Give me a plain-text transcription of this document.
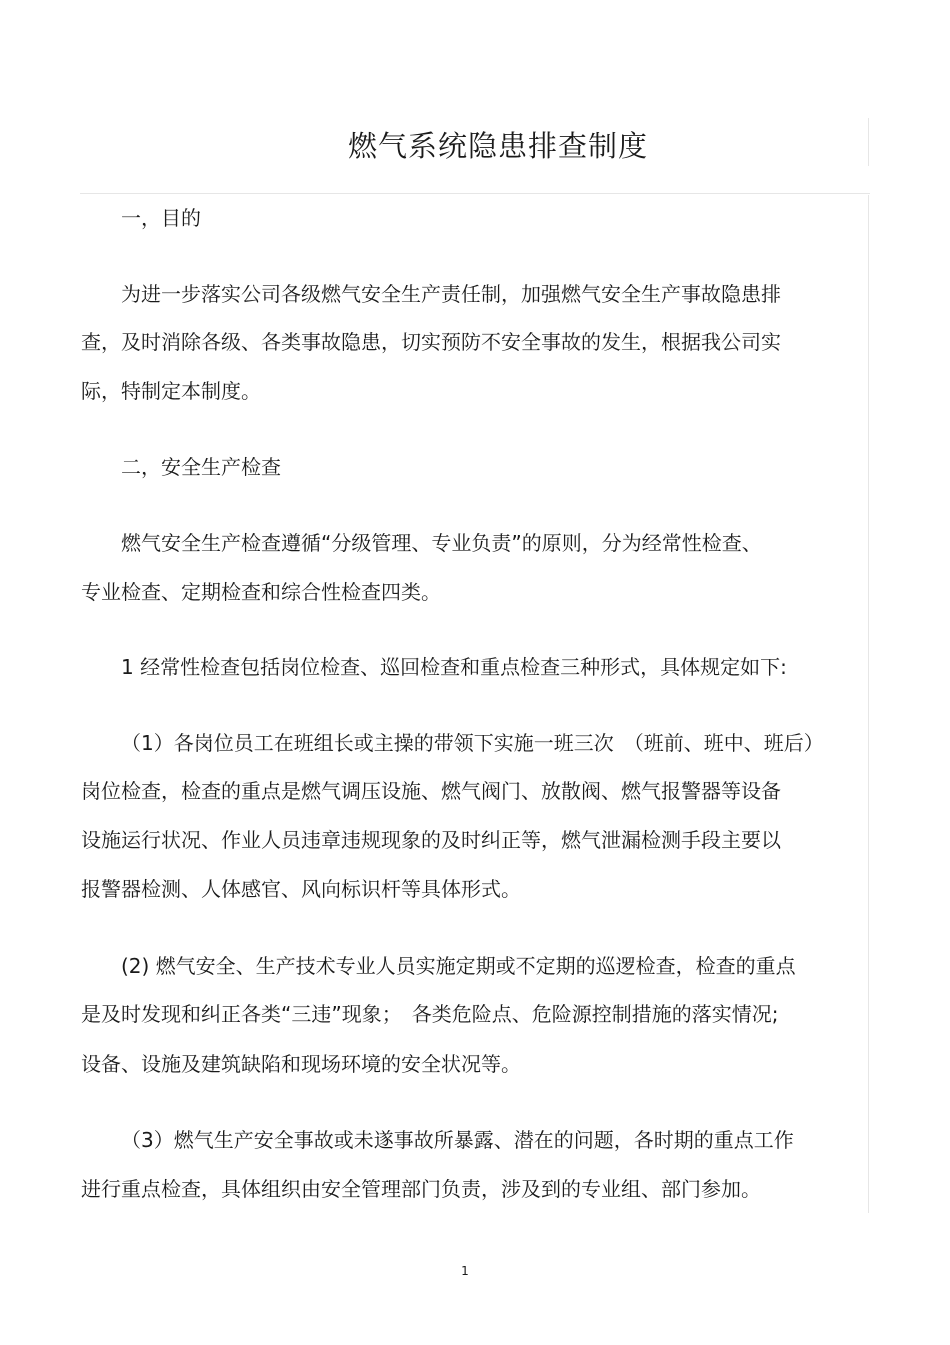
燃气系统隐患排查制度
一，目的
为进一步落实公司各级燃气安全生产责任制，加强燃气安全生产事故隐患排
查，及时消除各级、各类事故隐患，切实预防不安全事故的发生，根据我公司实
际，特制定本制度。
二，安全生产检查
燃气安全生产检查遵循“分级管理、专业负责”的原则，分为经常性检查、
专业检查、定期检查和综合性检查四类。
1 经常性检查包括岗位检查、巡回检查和重点检查三种形式，具体规定如下:
（1）各岗位员工在班组长或主操的带领下实施一班三次　（班前、班中、班后）
岗位检查，检查的重点是燃气调压设施、燃气阀门、放散阀、燃气报警器等设备
设施运行状况、作业人员违章违规现象的及时纠正等，燃气泄漏检测手段主要以
报警器检测、人体感官、风向标识杆等具体形式。
(2) 燃气安全、生产技术专业人员实施定期或不定期的巡逻检查，检查的重点
是及时发现和纠正各类“三违”现象；　各类危险点、危险源控制措施的落实情况;
设备、设施及建筑缺陷和现场环境的安全状况等。
（3）燃气生产安全事故或未遂事故所暴露、潜在的问题，各时期的重点工作
进行重点检查，具体组织由安全管理部门负责，涉及到的专业组、部门参加。
1
